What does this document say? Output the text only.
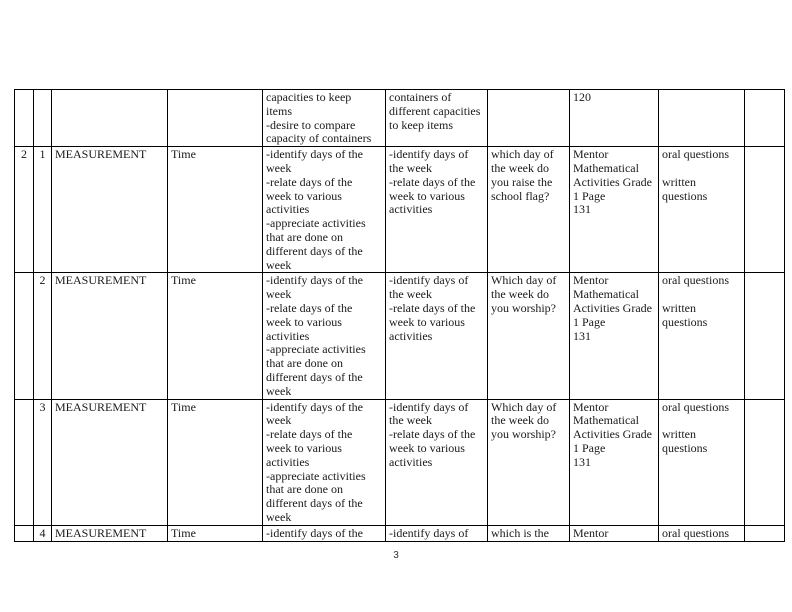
				capacities to keep
items
-desire to compare
capacity of containers	containers of
different capacities
to keep items		120		
2	1	MEASUREMENT	Time	-identify days of the
week
-relate days of the
week to various
activities
-appreciate activities
that are done on
different days of the
week	-identify days of
the week
-relate days of the
week to various
activities	which day of
the week do
you raise the
school flag?	Mentor
Mathematical
Activities Grade
1 Page
131	oral questions

written
questions	
	2	MEASUREMENT	Time	-identify days of the
week
-relate days of the
week to various
activities
-appreciate activities
that are done on
different days of the
week	-identify days of
the week
-relate days of the
week to various
activities	Which day of
the week do
you worship?	Mentor
Mathematical
Activities Grade
1 Page
131	oral questions

written
questions	
	3	MEASUREMENT	Time	-identify days of the
week
-relate days of the
week to various
activities
-appreciate activities
that are done on
different days of the
week	-identify days of
the week
-relate days of the
week to various
activities	Which day of
the week do
you worship?	Mentor
Mathematical
Activities Grade
1 Page
131	oral questions

written
questions	
	4	MEASUREMENT	Time	-identify days of the	-identify days of	which is the	Mentor	oral questions	
3
